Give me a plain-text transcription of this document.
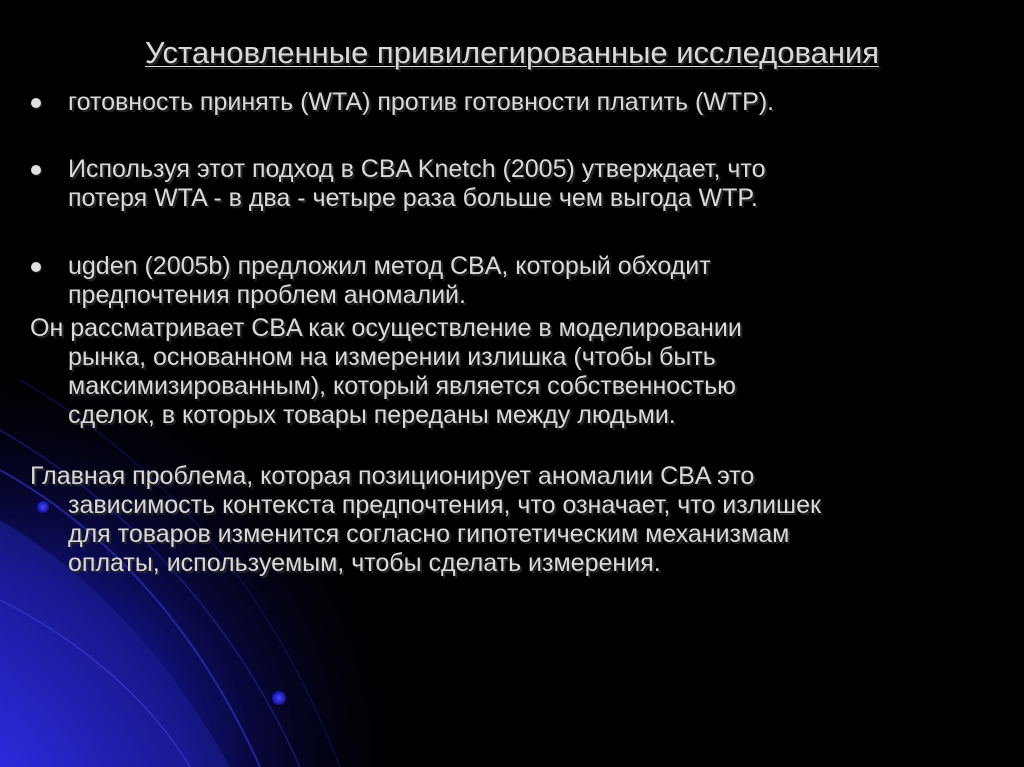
Установленные привилегированные исследования
готовность принять (WTA) против готовности платить (WTP).
Используя этот подход в CBA Knetch (2005) утверждает, что
потеря WTA - в два - четыре раза больше чем выгода WTP.
ugden (2005b) предложил метод CBA, который обходит
предпочтения проблем аномалий.
Он рассматривает CBA как осуществление в моделировании
рынка, основанном на измерении излишка (чтобы быть
максимизированным), который является собственностью
сделок, в которых товары переданы между людьми.
Главная проблема, которая позиционирует аномалии CBA это
зависимость контекста предпочтения, что означает, что излишек
для товаров изменится согласно гипотетическим механизмам
оплаты, используемым, чтобы сделать измерения.
